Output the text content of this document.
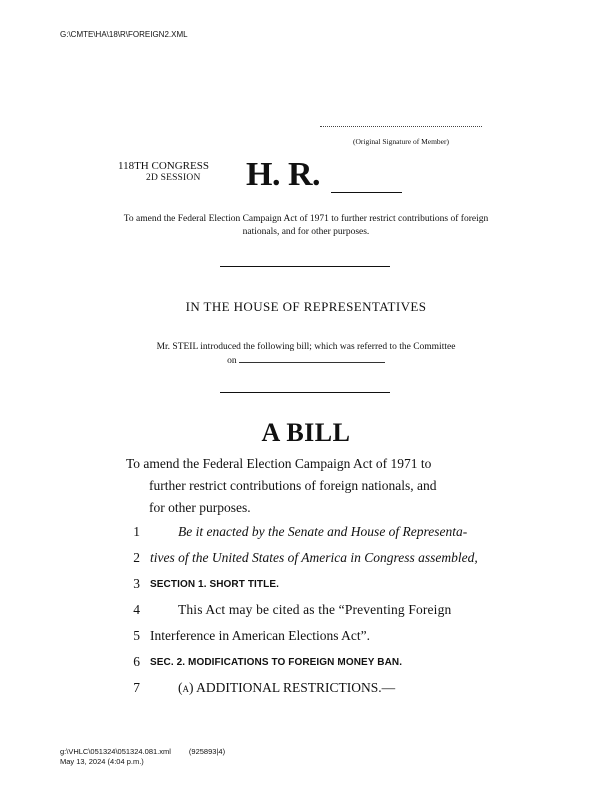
G:\CMTE\HA\18\R\FOREIGN2.XML
(Original Signature of Member)
118TH CONGRESS
2D SESSION H. R.
To amend the Federal Election Campaign Act of 1971 to further restrict contributions of foreign nationals, and for other purposes.
IN THE HOUSE OF REPRESENTATIVES
Mr. STEIL introduced the following bill; which was referred to the Committee
on
A BILL
To amend the Federal Election Campaign Act of 1971 to
further restrict contributions of foreign nationals, and
for other purposes.
1	Be it enacted by the Senate and House of Representa-
2 tives of the United States of America in Congress assembled,
3 SECTION 1. SHORT TITLE.
4	This Act may be cited as the “Preventing Foreign
5 Interference in American Elections Act”.
6 SEC. 2. MODIFICATIONS TO FOREIGN MONEY BAN.
7	(a) ADDITIONAL RESTRICTIONS.—
g:\VHLC\051324\051324.081.xml (925893|4)
May 13, 2024 (4:04 p.m.)
